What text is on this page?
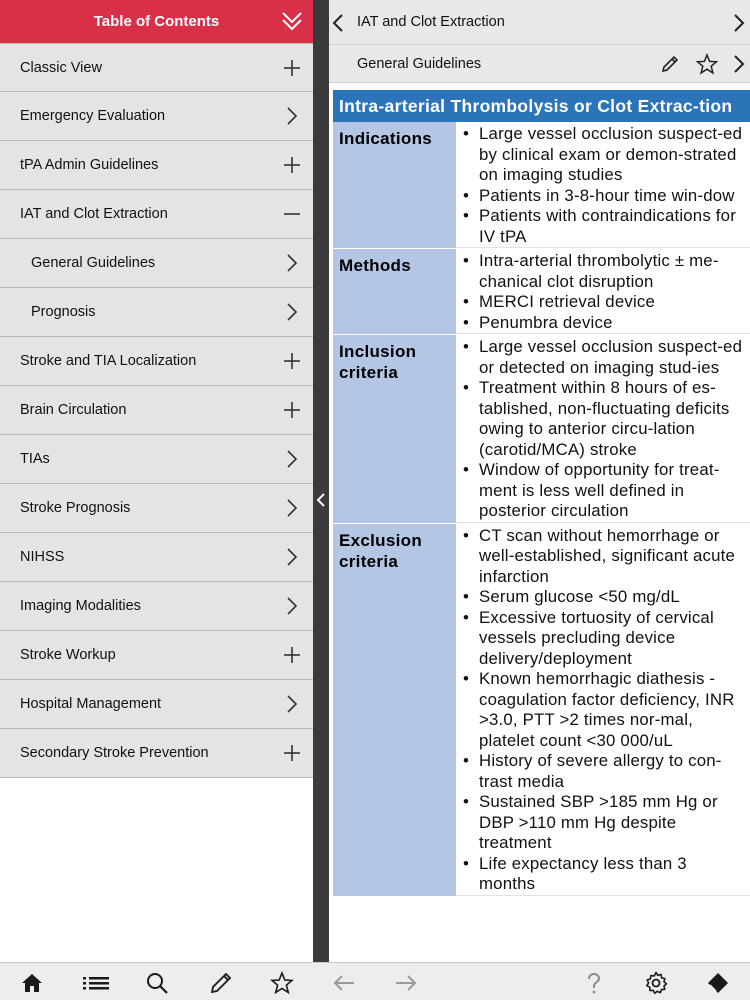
Table of Contents
Classic View
Emergency Evaluation
tPA Admin Guidelines
IAT and Clot Extraction
General Guidelines
Prognosis
Stroke and TIA Localization
Brain Circulation
TIAs
Stroke Prognosis
NIHSS
Imaging Modalities
Stroke Workup
Hospital Management
Secondary Stroke Prevention
IAT and Clot Extraction
General Guidelines
Intra-arterial Thrombolysis or Clot Extrac-tion
Indications	• Large vessel occlusion suspect-ed by clinical exam or demon-strated on imaging studies
• Patients in 3-8-hour time win-dow
• Patients with contraindications for IV tPA
Methods	• Intra-arterial thrombolytic ± me-chanical clot disruption
• MERCI retrieval device
• Penumbra device
Inclusion criteria
• Large vessel occlusion suspect-ed or detected on imaging stud-ies
• Treatment within 8 hours of es-tablished, non-fluctuating deficits owing to anterior circu-lation (carotid/MCA) stroke
• Window of opportunity for treat-ment is less well defined in posterior circulation
Exclusion criteria
• CT scan without hemorrhage or well-established, significant acute infarction
• Serum glucose <50 mg/dL
• Excessive tortuosity of cervical vessels precluding device delivery/deployment
• Known hemorrhagic diathesis - coagulation factor deficiency, INR >3.0, PTT >2 times nor-mal, platelet count <30 000/uL
• History of severe allergy to con-trast media
• Sustained SBP >185 mm Hg or DBP >110 mm Hg despite treatment
• Life expectancy less than 3 months
